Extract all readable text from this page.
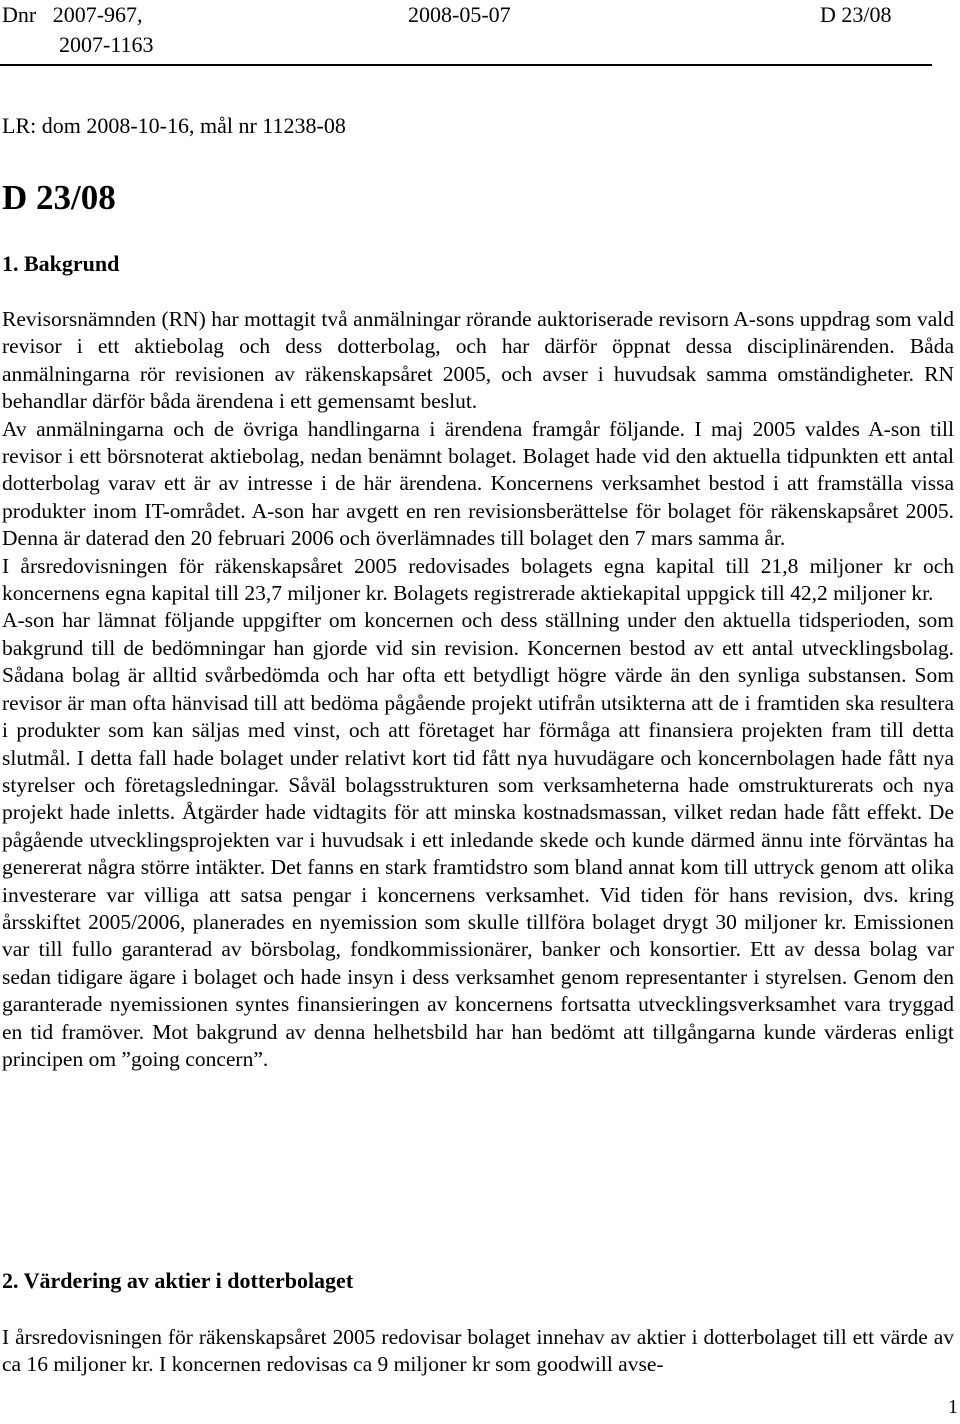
Dnr 2007-967,
2007-1163
2008-05-07	D 23/08
LR: dom 2008-10-16, mål nr 11238-08
D 23/08
1. Bakgrund

Revisorsnämnden (RN) har mottagit två anmälningar rörande auktoriserade revisorn A-sons uppdrag som vald revisor i ett aktiebolag och dess dotterbolag, och har därför öppnat dessa disciplinärenden. Båda anmälningarna rör revisionen av räkenskapsåret 2005, och avser i huvudsak samma omständigheter. RN behandlar därför båda ärendena i ett gemensamt beslut.

Av anmälningarna och de övriga handlingarna i ärendena framgår följande. I maj 2005 valdes A-son till revisor i ett börsnoterat aktiebolag, nedan benämnt bolaget. Bolaget hade vid den aktuella tidpunkten ett antal dotterbolag varav ett är av intresse i de här ärendena. Koncernens verksamhet bestod i att framställa vissa produkter inom IT-området. A-son har avgett en ren revisionsberättelse för bolaget för räkenskapsåret 2005. Denna är daterad den 20 februari 2006 och överlämnades till bolaget den 7 mars samma år.

I årsredovisningen för räkenskapsåret 2005 redovisades bolagets egna kapital till 21,8 miljoner kr och koncernens egna kapital till 23,7 miljoner kr. Bolagets registrerade aktiekapital uppgick till 42,2 miljoner kr.

A-son har lämnat följande uppgifter om koncernen och dess ställning under den aktuella tidsperioden, som bakgrund till de bedömningar han gjorde vid sin revision. Koncernen bestod av ett antal utvecklingsbolag. Sådana bolag är alltid svårbedömda och har ofta ett betydligt högre värde än den synliga substansen. Som revisor är man ofta hänvisad till att bedöma pågående projekt utifrån utsikterna att de i framtiden ska resultera i produkter som kan säljas med vinst, och att företaget har förmåga att finansiera projekten fram till detta slutmål. I detta fall hade bolaget under relativt kort tid fått nya huvudägare och koncernbolagen hade fått nya styrelser och företagsledningar. Såväl bolagsstrukturen som verksamheterna hade omstrukturerats och nya projekt hade inletts. Åtgärder hade vidtagits för att minska kostnadsmassan, vilket redan hade fått effekt. De pågående utvecklingsprojekten var i huvudsak i ett inledande skede och kunde därmed ännu inte förväntas ha genererat några större intäkter. Det fanns en stark framtidstro som bland annat kom till uttryck genom att olika investerare var villiga att satsa pengar i koncernens verksamhet. Vid tiden för hans revision, dvs. kring årsskiftet 2005/2006, planerades en nyemission som skulle tillföra bolaget drygt 30 miljoner kr. Emissionen var till fullo garanterad av börsbolag, fondkommissionärer, banker och konsortier. Ett av dessa bolag var sedan tidigare ägare i bolaget och hade insyn i dess verksamhet genom representanter i styrelsen. Genom den garanterade nyemissionen syntes finansieringen av koncernens fortsatta utvecklingsverksamhet vara tryggad en tid framöver. Mot bakgrund av denna helhetsbild har han bedömt att tillgångarna kunde värderas enligt principen om ”going concern”.

2. Värdering av aktier i dotterbolaget

I årsredovisningen för räkenskapsåret 2005 redovisar bolaget innehav av aktier i dotterbolaget till ett värde av ca 16 miljoner kr. I koncernen redovisas ca 9 miljoner kr som goodwill avse-

1
